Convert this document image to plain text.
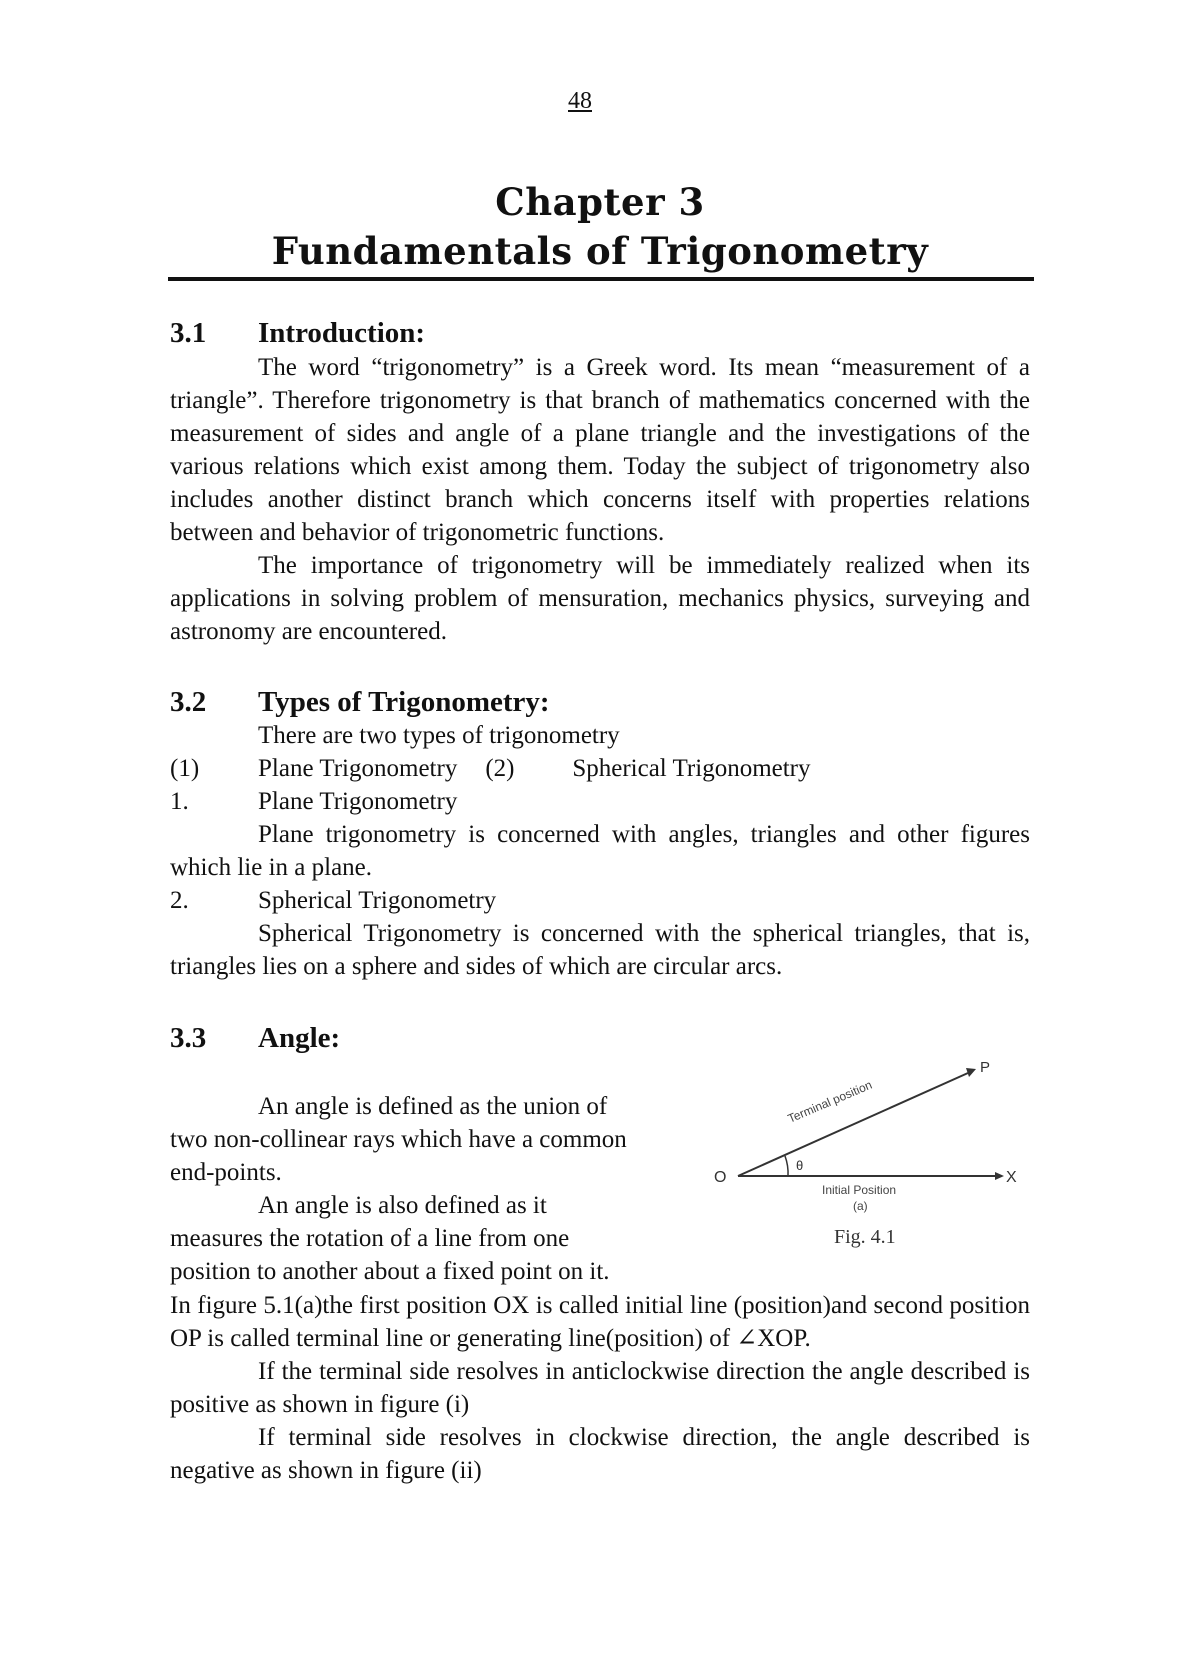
48
Chapter 3
Fundamentals of Trigonometry
3.1 Introduction:

The word “trigonometry” is a Greek word. Its mean “measurement of a triangle”. Therefore trigonometry is that branch of mathematics concerned with the measurement of sides and angle of a plane triangle and the investigations of the various relations which exist among them. Today the subject of trigonometry also includes another distinct branch which concerns itself with properties relations between and behavior of trigonometric functions.

The importance of trigonometry will be immediately realized when its applications in solving problem of mensuration, mechanics physics, surveying and astronomy are encountered.

3.2 Types of Trigonometry:

There are two types of trigonometry

(1)	Plane Trigonometry (2)	Spherical Trigonometry
1.	Plane Trigonometry

Plane trigonometry is concerned with angles, triangles and other figures which lie in a plane.

2.	Spherical Trigonometry

Spherical Trigonometry is concerned with the spherical triangles, that is, triangles lies on a sphere and sides of which are circular arcs.

3.3 Angle:

An angle is defined as the union of two non-collinear rays which have a common end-points.

An angle is also defined as it measures the rotation of a line from one position to another about a fixed point on it.

In figure 5.1(a)the first position OX is called initial line (position)and second position OP is called terminal line or generating line(position) of ∠XOP.

If the terminal side resolves in anticlockwise direction the angle described is positive as shown in figure (i)

If terminal side resolves in clockwise direction, the angle described is negative as shown in figure (ii)

O	X
P
θ
Terminal position
Initial Position
(a)
Fig. 4.1
